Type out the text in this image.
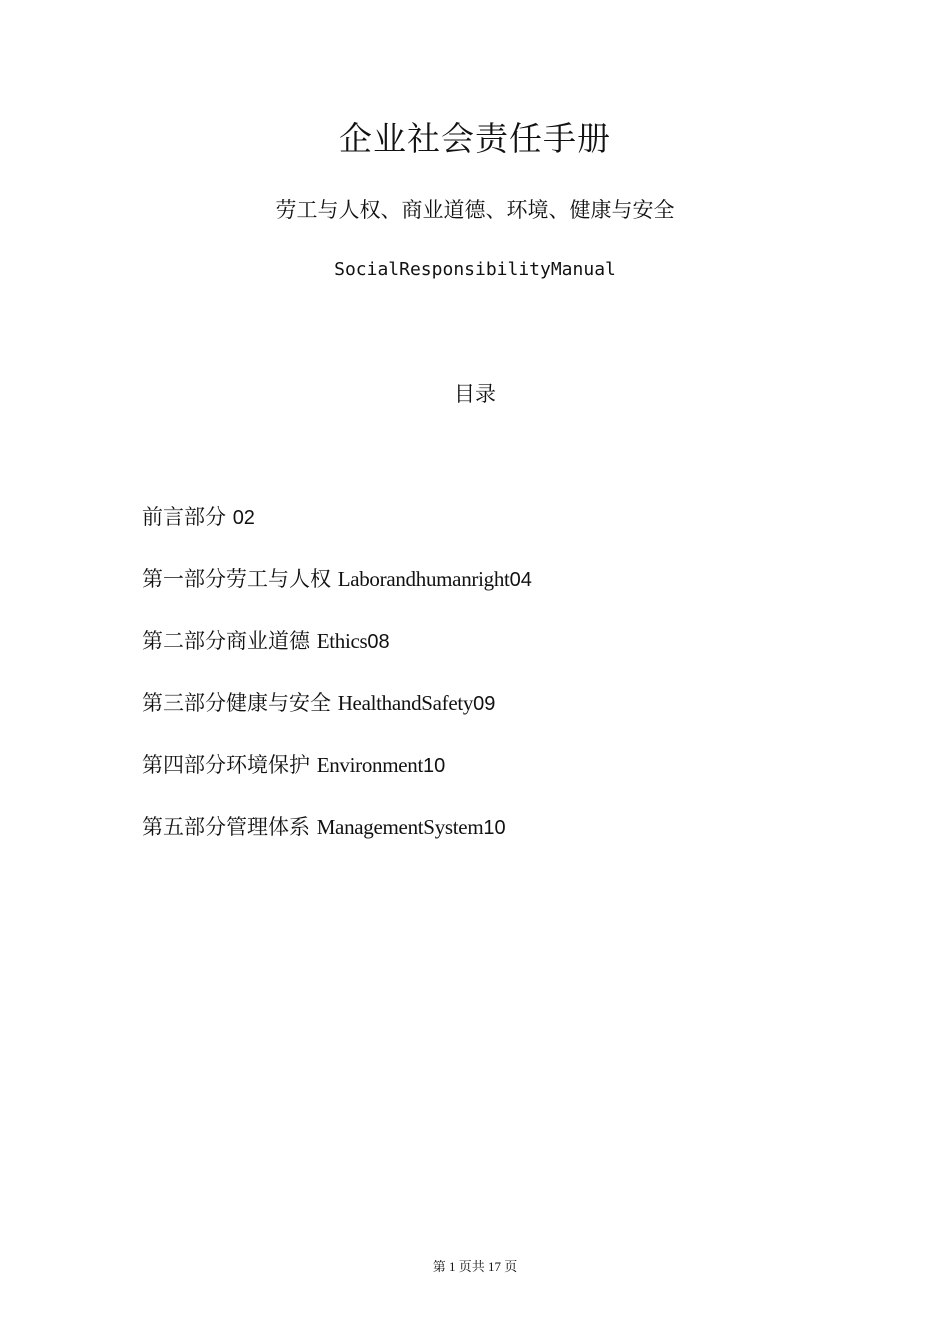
企业社会责任手册
劳工与人权、商业道德、环境、健康与安全
SocialResponsibilityManual
目录
前言部分 02
第一部分劳工与人权 Laborandhumanright04
第二部分商业道德 Ethics08
第三部分健康与安全 HealthandSafety09
第四部分环境保护 Environment10
第五部分管理体系 ManagementSystem10
第 1 页共 17 页
